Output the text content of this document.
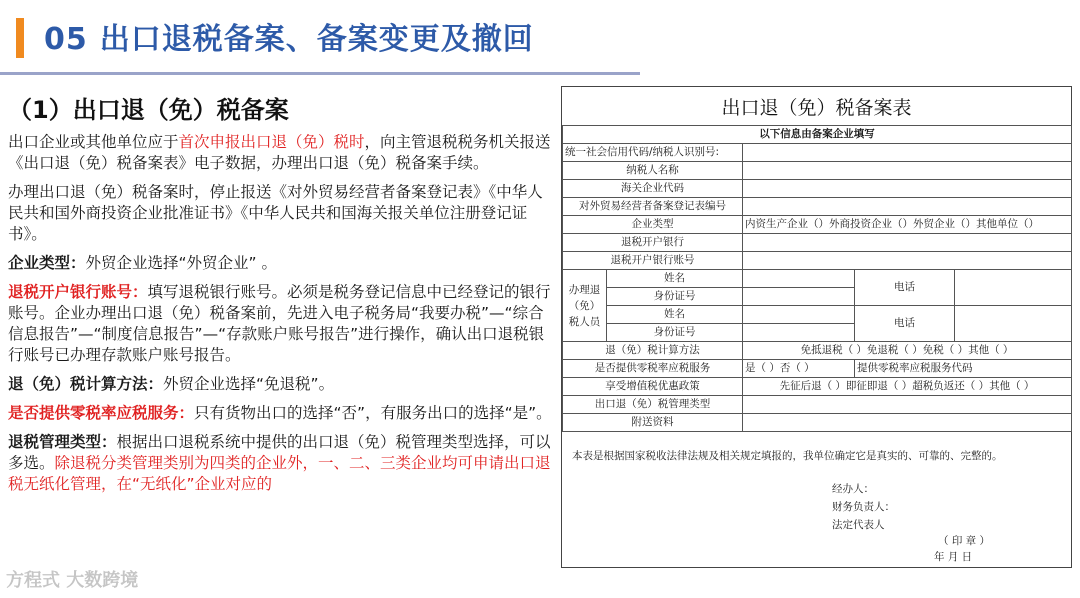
05 出口退税备案、备案变更及撤回
（1）出口退（免）税备案

出口企业或其他单位应于首次申报出口退（免）税时，向主管退税税务机关报送《出口退（免）税备案表》电子数据，办理出口退（免）税备案手续。

办理出口退（免）税备案时，停止报送《对外贸易经营者备案登记表》《中华人民共和国外商投资企业批准证书》《中华人民共和国海关报关单位注册登记证书》。

企业类型：外贸企业选择“外贸企业” 。

退税开户银行账号：填写退税银行账号。必须是税务登记信息中已经登记的银行账号。企业办理出口退（免）税备案前，先进入电子税务局“我要办税”—“综合信息报告”—“制度信息报告”—“存款账户账号报告”进行操作，确认出口退税银行账号已办理存款账户账号报告。

退（免）税计算方法：外贸企业选择“免退税”。

是否提供零税率应税服务：只有货物出口的选择“否”，有服务出口的选择“是”。

退税管理类型：根据出口退税系统中提供的出口退（免）税管理类型选择，可以多选。除退税分类管理类别为四类的企业外，一、二、三类企业均可申请出口退税无纸化管理，在“无纸化”企业对应的

方程式 大数跨境
出口退（免）税备案表
以下信息由备案企业填写				
统一社会信用代码/纳税人识别号:				
纳税人名称				
海关企业代码				
对外贸易经营者备案登记表编号				
企业类型		内资生产企业（）外商投资企业（）外贸企业（）其他单位（）		
退税开户银行				
退税开户银行账号				
办理退（免）税人员	姓名		电话	
	身份证号			
	姓名		电话	
	身份证号			
退（免）税计算方法		免抵退税（ ）免退税（ ）免税（ ）其他（ ）		
是否提供零税率应税服务		是（ ）否（ ）	提供零税率应税服务代码	
享受增值税优惠政策		先征后退（ ）即征即退（ ）超税负返还（ ）其他（ ）		
出口退（免）税管理类型				
附送资料				
本表是根据国家税收法律法规及相关规定填报的，我单位确定它是真实的、可靠的、完整的。
经办人：
财务负责人：
法定代表人
（ 印 章 ）
年 月 日
